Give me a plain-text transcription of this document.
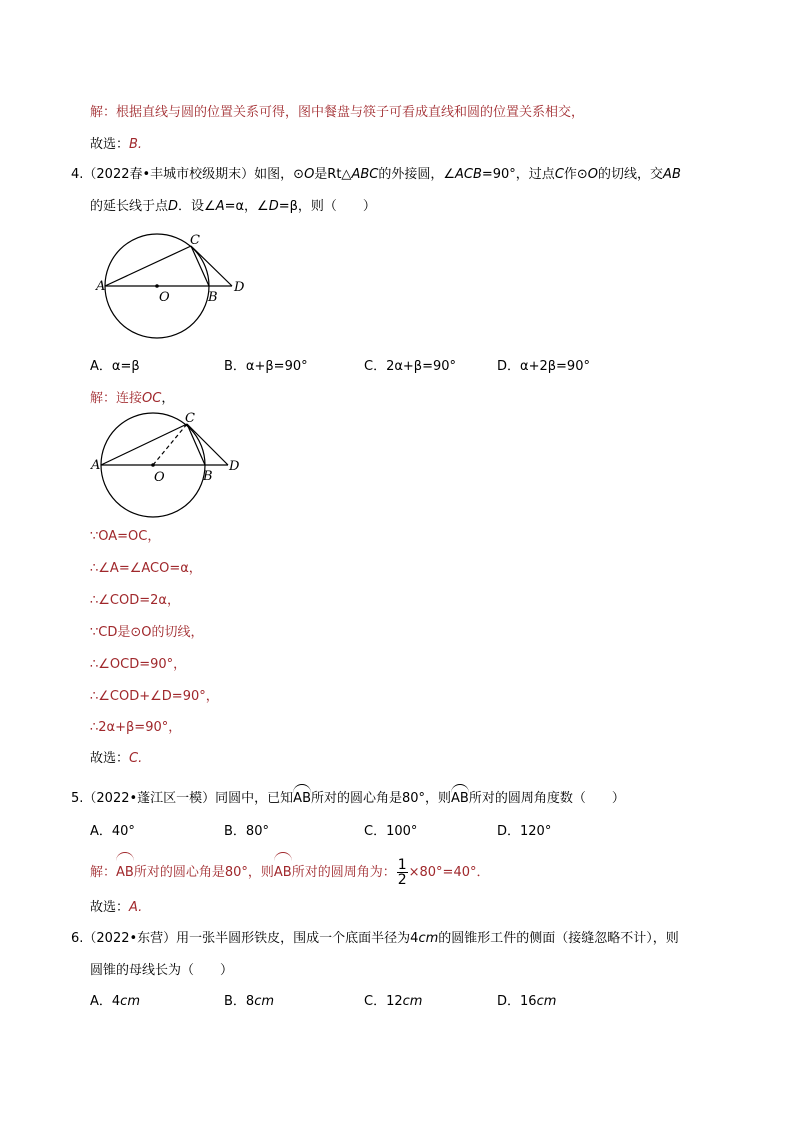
解：根据直线与圆的位置关系可得，图中餐盘与筷子可看成直线和圆的位置关系相交，
故选：B.
4.（2022春•丰城市校级期末）如图，⊙O是Rt△ABC的外接圆，∠ACB=90°，过点C作⊙O的切线，交AB
的延长线于点D．设∠A=α，∠D=β，则（　　）
A
C
B
D
O
A．α=β	B．α+β=90°	C．2α+β=90°	D．α+2β=90°
解：连接OC，
A
C
B
D
O
∵OA=OC，
∴∠A=∠ACO=α，
∴∠COD=2α，
∵CD是⊙O的切线，
∴∠OCD=90°，
∴∠COD+∠D=90°，
∴2α+β=90°，
故选：C.
5.（2022•蓬江区一模）同圆中，已知AB所对的圆心角是80°，则AB所对的圆周角度数（　　）
A．40°	B．80°	C．100°	D．120°
解：AB所对的圆心角是80°，则AB所对的圆周角为： $\frac{1}{2} \times 80^\circ=40^\circ$．
故选：A.
6.（2022•东营）用一张半圆形铁皮，围成一个底面半径为4cm的圆锥形工件的侧面（接缝忽略不计），则
圆锥的母线长为（　　）
A．4cm	B．8cm	C．12cm	D．16cm
